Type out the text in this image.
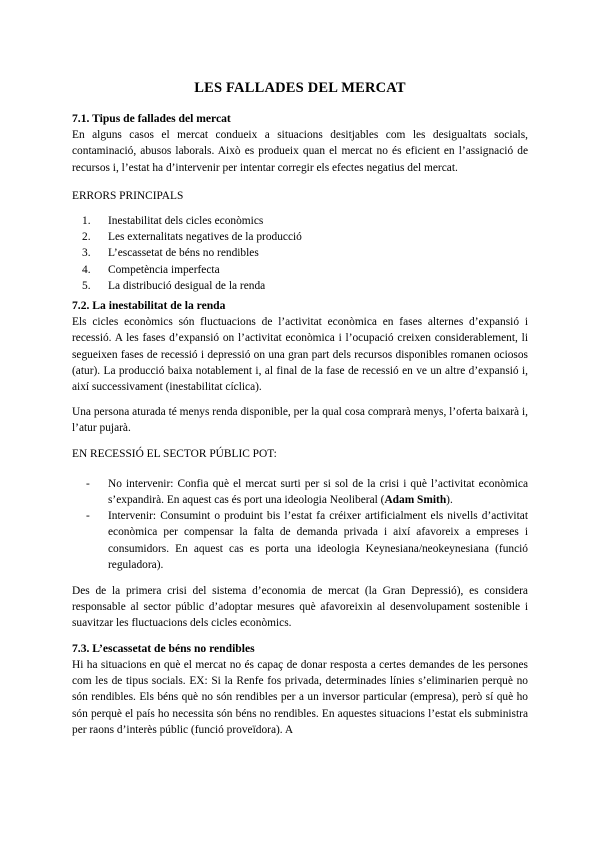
LES FALLADES DEL MERCAT
7.1. Tipus de fallades del mercat

En alguns casos el mercat condueix a situacions desitjables com les desigualtats socials, contaminació, abusos laborals. Això es produeix quan el mercat no és eficient en l’assignació de recursos i, l’estat ha d’intervenir per intentar corregir els efectes negatius del mercat.

ERRORS PRINCIPALS

1. Inestabilitat dels cicles econòmics
2. Les externalitats negatives de la producció
3. L’escassetat de béns no rendibles
4. Competència imperfecta
5. La distribució desigual de la renda
7.2. La inestabilitat de la renda

Els cicles econòmics són fluctuacions de l’activitat econòmica en fases alternes d’expansió i recessió. A les fases d’expansió on l’activitat econòmica i l’ocupació creixen considerablement, li segueixen fases de recessió i depressió on una gran part dels recursos disponibles romanen ociosos (atur). La producció baixa notablement i, al final de la fase de recessió en ve un altre d’expansió i, així successivament (inestabilitat cíclica).

Una persona aturada té menys renda disponible, per la qual cosa comprarà menys, l’oferta baixarà i, l’atur pujarà.

EN RECESSIÓ EL SECTOR PÚBLIC POT:

- No intervenir: Confia què el mercat surti per si sol de la crisi i què l’activitat econòmica s’expandirà. En aquest cas és port una ideologia Neoliberal (Adam Smith).
- Intervenir: Consumint o produint bis l’estat fa créixer artificialment els nivells d’activitat econòmica per compensar la falta de demanda privada i així afavoreix a empreses i consumidors. En aquest cas es porta una ideologia Keynesiana/neokeynesiana (funció reguladora).

Des de la primera crisi del sistema d’economia de mercat (la Gran Depressió), es considera responsable al sector públic d’adoptar mesures què afavoreixin al desenvolupament sostenible i suavitzar les fluctuacions dels cicles econòmics.

7.3. L’escassetat de béns no rendibles

Hi ha situacions en què el mercat no és capaç de donar resposta a certes demandes de les persones com les de tipus socials. EX: Si la Renfe fos privada, determinades línies s’eliminarien perquè no són rendibles. Els béns què no són rendibles per a un inversor particular (empresa), però sí què ho són perquè el país ho necessita són béns no rendibles. En aquestes situacions l’estat els subministra per raons d’interès públic (funció proveïdora). A
